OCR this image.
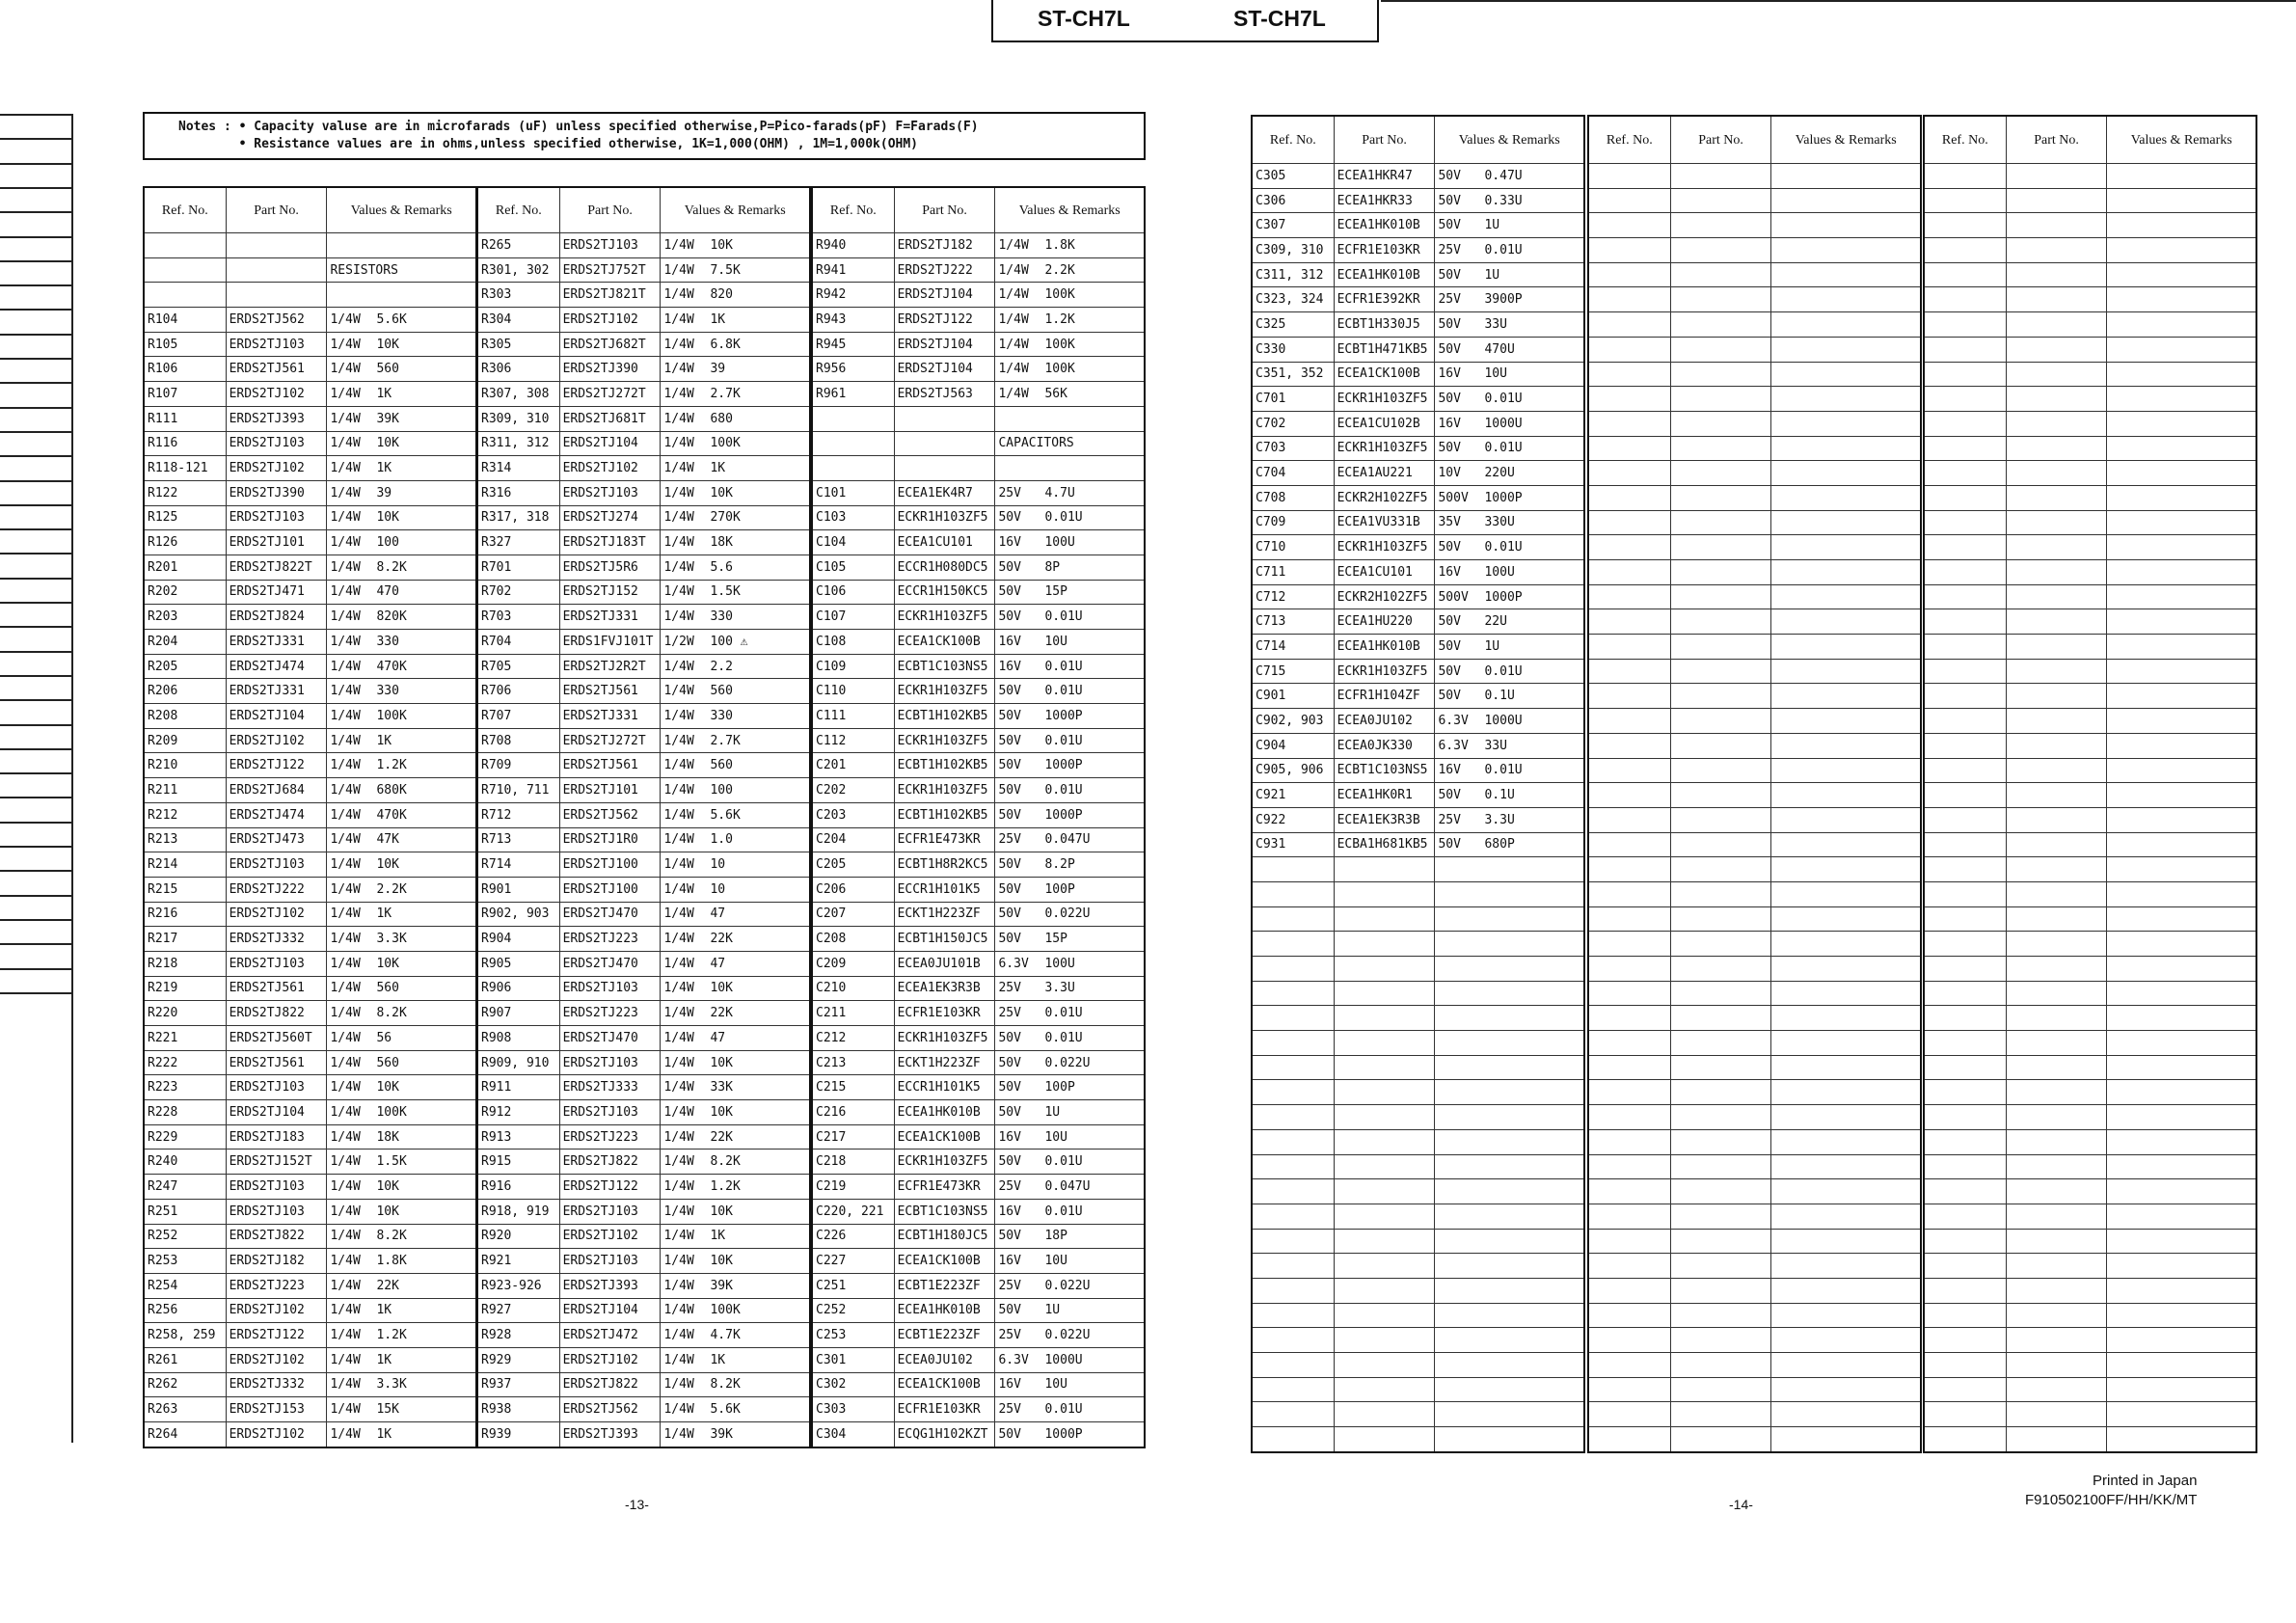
ST-CH7L	ST-CH7L
Notes : • Capacity valuse are in microfarads (uF) unless specified otherwise,P=Pico-farads(pF) F=Farads(F)
• Resistance values are in ohms,unless specified otherwise, 1K=1,000(OHM) , 1M=1,000k(OHM)
Ref. No.	Part No.	Values & Remarks

		RESISTORS

R104	ERDS2TJ562	1/4W 5.6K
R105	ERDS2TJ103	1/4W 10K
R106	ERDS2TJ561	1/4W 560
R107	ERDS2TJ102	1/4W 1K
R111	ERDS2TJ393	1/4W 39K
R116	ERDS2TJ103	1/4W 10K
R118-121	ERDS2TJ102	1/4W 1K
R122	ERDS2TJ390	1/4W 39
R125	ERDS2TJ103	1/4W 10K
R126	ERDS2TJ101	1/4W 100
R201	ERDS2TJ822T	1/4W 8.2K
R202	ERDS2TJ471	1/4W 470
R203	ERDS2TJ824	1/4W 820K
R204	ERDS2TJ331	1/4W 330
R205	ERDS2TJ474	1/4W 470K
R206	ERDS2TJ331	1/4W 330
R208	ERDS2TJ104	1/4W 100K
R209	ERDS2TJ102	1/4W 1K
R210	ERDS2TJ122	1/4W 1.2K
R211	ERDS2TJ684	1/4W 680K
R212	ERDS2TJ474	1/4W 470K
R213	ERDS2TJ473	1/4W 47K
R214	ERDS2TJ103	1/4W 10K
R215	ERDS2TJ222	1/4W 2.2K
R216	ERDS2TJ102	1/4W 1K
R217	ERDS2TJ332	1/4W 3.3K
R218	ERDS2TJ103	1/4W 10K
R219	ERDS2TJ561	1/4W 560
R220	ERDS2TJ822	1/4W 8.2K
R221	ERDS2TJ560T	1/4W 56
R222	ERDS2TJ561	1/4W 560
R223	ERDS2TJ103	1/4W 10K
R228	ERDS2TJ104	1/4W 100K
R229	ERDS2TJ183	1/4W 18K
R240	ERDS2TJ152T	1/4W 1.5K
R247	ERDS2TJ103	1/4W 10K
R251	ERDS2TJ103	1/4W 10K
R252	ERDS2TJ822	1/4W 8.2K
R253	ERDS2TJ182	1/4W 1.8K
R254	ERDS2TJ223	1/4W 22K
R256	ERDS2TJ102	1/4W 1K
R258, 259	ERDS2TJ122	1/4W 1.2K
R261	ERDS2TJ102	1/4W 1K
R262	ERDS2TJ332	1/4W 3.3K
R263	ERDS2TJ153	1/4W 15K
R264	ERDS2TJ102	1/4W 1K
Ref. No.	Part No.	Values & Remarks
R265	ERDS2TJ103	1/4W 10K
R301, 302	ERDS2TJ752T	1/4W 7.5K
R303	ERDS2TJ821T	1/4W 820
R304	ERDS2TJ102	1/4W 1K
R305	ERDS2TJ682T	1/4W 6.8K
R306	ERDS2TJ390	1/4W 39
R307, 308	ERDS2TJ272T	1/4W 2.7K
R309, 310	ERDS2TJ681T	1/4W 680
R311, 312	ERDS2TJ104	1/4W 100K
R314	ERDS2TJ102	1/4W 1K
R316	ERDS2TJ103	1/4W 10K
R317, 318	ERDS2TJ274	1/4W 270K
R327	ERDS2TJ183T	1/4W 18K
R701	ERDS2TJ5R6	1/4W 5.6
R702	ERDS2TJ152	1/4W 1.5K
R703	ERDS2TJ331	1/4W 330
R704	ERDS1FVJ101T	1/2W 100 ⚠
R705	ERDS2TJ2R2T	1/4W 2.2
R706	ERDS2TJ561	1/4W 560
R707	ERDS2TJ331	1/4W 330
R708	ERDS2TJ272T	1/4W 2.7K
R709	ERDS2TJ561	1/4W 560
R710, 711	ERDS2TJ101	1/4W 100
R712	ERDS2TJ562	1/4W 5.6K
R713	ERDS2TJ1R0	1/4W 1.0
R714	ERDS2TJ100	1/4W 10
R901	ERDS2TJ100	1/4W 10
R902, 903	ERDS2TJ470	1/4W 47
R904	ERDS2TJ223	1/4W 22K
R905	ERDS2TJ470	1/4W 47
R906	ERDS2TJ103	1/4W 10K
R907	ERDS2TJ223	1/4W 22K
R908	ERDS2TJ470	1/4W 47
R909, 910	ERDS2TJ103	1/4W 10K
R911	ERDS2TJ333	1/4W 33K
R912	ERDS2TJ103	1/4W 10K
R913	ERDS2TJ223	1/4W 22K
R915	ERDS2TJ822	1/4W 8.2K
R916	ERDS2TJ122	1/4W 1.2K
R918, 919	ERDS2TJ103	1/4W 10K
R920	ERDS2TJ102	1/4W 1K
R921	ERDS2TJ103	1/4W 10K
R923-926	ERDS2TJ393	1/4W 39K
R927	ERDS2TJ104	1/4W 100K
R928	ERDS2TJ472	1/4W 4.7K
R929	ERDS2TJ102	1/4W 1K
R937	ERDS2TJ822	1/4W 8.2K
R938	ERDS2TJ562	1/4W 5.6K
R939	ERDS2TJ393	1/4W 39K
Ref. No.	Part No.	Values & Remarks
R940	ERDS2TJ182	1/4W 1.8K
R941	ERDS2TJ222	1/4W 2.2K
R942	ERDS2TJ104	1/4W 100K
R943	ERDS2TJ122	1/4W 1.2K
R945	ERDS2TJ104	1/4W 100K
R956	ERDS2TJ104	1/4W 100K
R961	ERDS2TJ563	1/4W 56K

		CAPACITORS

C101	ECEA1EK4R7	25V 4.7U
C103	ECKR1H103ZF5	50V 0.01U
C104	ECEA1CU101	16V 100U
C105	ECCR1H080DC5	50V 8P
C106	ECCR1H150KC5	50V 15P
C107	ECKR1H103ZF5	50V 0.01U
C108	ECEA1CK100B	16V 10U
C109	ECBT1C103NS5	16V 0.01U
C110	ECKR1H103ZF5	50V 0.01U
C111	ECBT1H102KB5	50V 1000P
C112	ECKR1H103ZF5	50V 0.01U
C201	ECBT1H102KB5	50V 1000P
C202	ECKR1H103ZF5	50V 0.01U
C203	ECBT1H102KB5	50V 1000P
C204	ECFR1E473KR	25V 0.047U
C205	ECBT1H8R2KC5	50V 8.2P
C206	ECCR1H101K5	50V 100P
C207	ECKT1H223ZF	50V 0.022U
C208	ECBT1H150JC5	50V 15P
C209	ECEA0JU101B	6.3V 100U
C210	ECEA1EK3R3B	25V 3.3U
C211	ECFR1E103KR	25V 0.01U
C212	ECKR1H103ZF5	50V 0.01U
C213	ECKT1H223ZF	50V 0.022U
C215	ECCR1H101K5	50V 100P
C216	ECEA1HK010B	50V 1U
C217	ECEA1CK100B	16V 10U
C218	ECKR1H103ZF5	50V 0.01U
C219	ECFR1E473KR	25V 0.047U
C220, 221	ECBT1C103NS5	16V 0.01U
C226	ECBT1H180JC5	50V 18P
C227	ECEA1CK100B	16V 10U
C251	ECBT1E223ZF	25V 0.022U
C252	ECEA1HK010B	50V 1U
C253	ECBT1E223ZF	25V 0.022U
C301	ECEA0JU102	6.3V 1000U
C302	ECEA1CK100B	16V 10U
C303	ECFR1E103KR	25V 0.01U
C304	ECQG1H102KZT	50V 1000P
Ref. No.	Part No.	Values & Remarks
C305	ECEA1HKR47	50V 0.47U
C306	ECEA1HKR33	50V 0.33U
C307	ECEA1HK010B	50V 1U
C309, 310	ECFR1E103KR	25V 0.01U
C311, 312	ECEA1HK010B	50V 1U
C323, 324	ECFR1E392KR	25V 3900P
C325	ECBT1H330J5	50V 33U
C330	ECBT1H471KB5	50V 470U
C351, 352	ECEA1CK100B	16V 10U
C701	ECKR1H103ZF5	50V 0.01U
C702	ECEA1CU102B	16V 1000U
C703	ECKR1H103ZF5	50V 0.01U
C704	ECEA1AU221	10V 220U
C708	ECKR2H102ZF5	500V 1000P
C709	ECEA1VU331B	35V 330U
C710	ECKR1H103ZF5	50V 0.01U
C711	ECEA1CU101	16V 100U
C712	ECKR2H102ZF5	500V 1000P
C713	ECEA1HU220	50V 22U
C714	ECEA1HK010B	50V 1U
C715	ECKR1H103ZF5	50V 0.01U
C901	ECFR1H104ZF	50V 0.1U
C902, 903	ECEA0JU102	6.3V 1000U
C904	ECEA0JK330	6.3V 33U
C905, 906	ECBT1C103NS5	16V 0.01U
C921	ECEA1HK0R1	50V 0.1U
C922	ECEA1EK3R3B	25V 3.3U
C931	ECBA1H681KB5	50V 680P

Ref. No.	Part No.	Values & Remarks

			Ref. No.	Part No.	Values & Remarks

-13-	-14-
Printed in Japan
F910502100FF/HH/KK/MT
